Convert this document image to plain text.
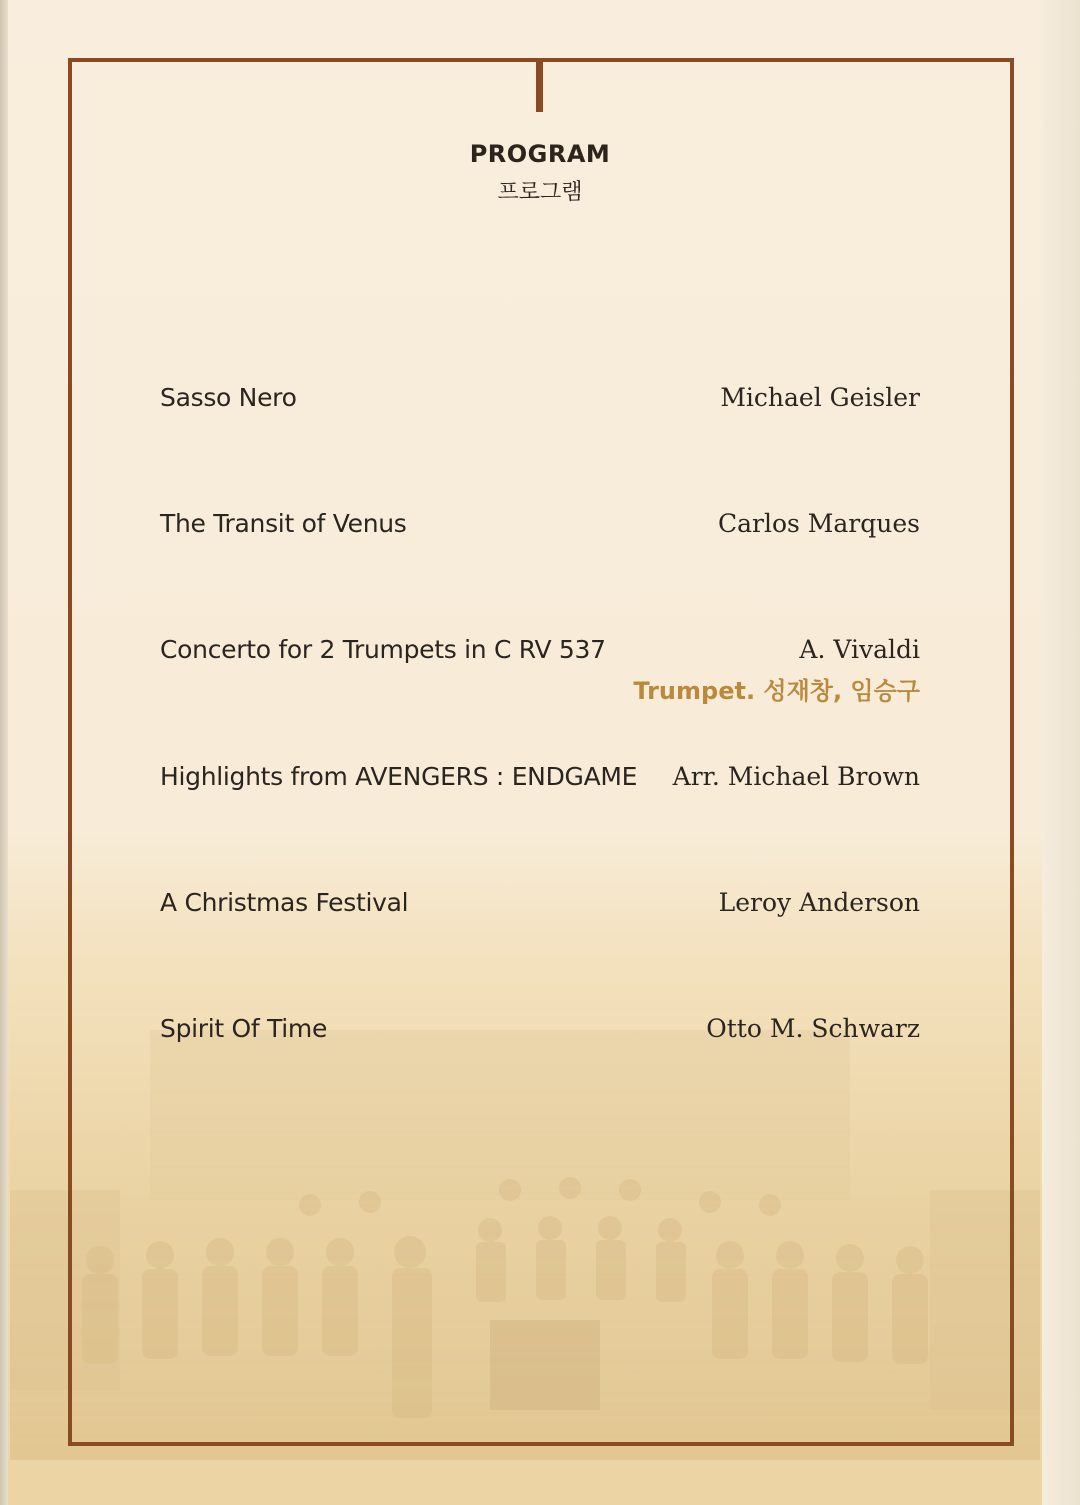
PROGRAM
프로그램
Sasso Nero	Michael Geisler
The Transit of Venus	Carlos Marques
Concerto for 2 Trumpets in C RV 537	A. Vivaldi
Trumpet. 성재창, 임승구
Highlights from AVENGERS : ENDGAME Arr. Michael Brown
A Christmas Festival	Leroy Anderson
Spirit Of Time	Otto M. Schwarz
